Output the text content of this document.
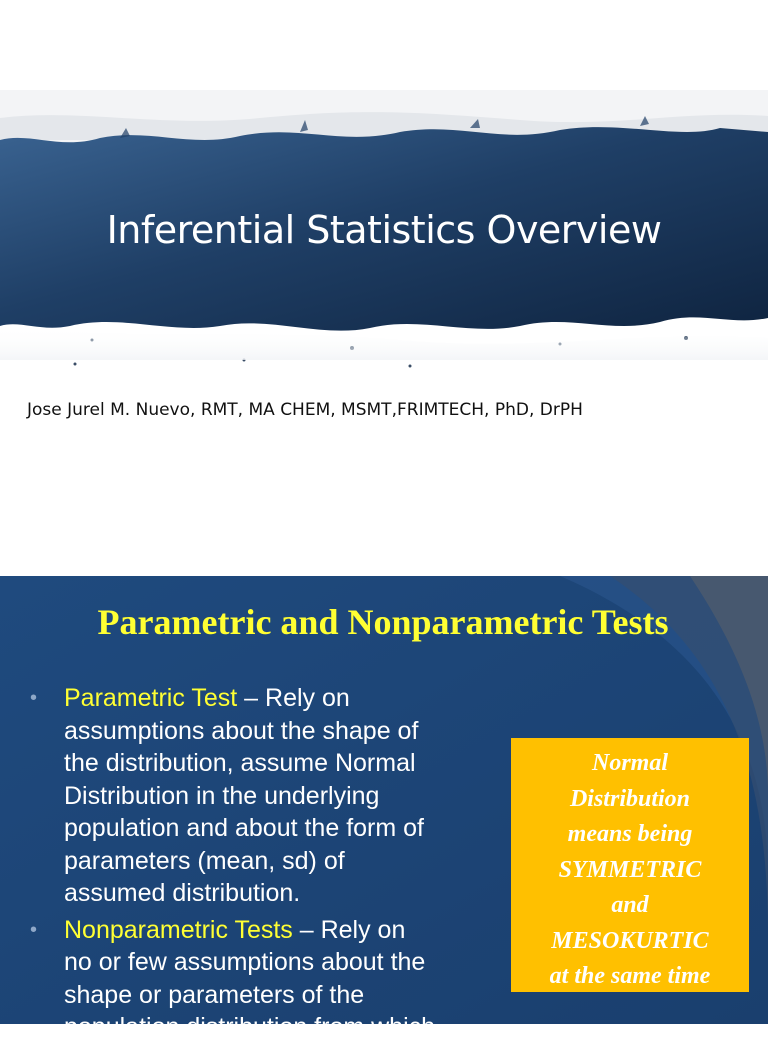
Inferential Statistics Overview
Jose Jurel M. Nuevo, RMT, MA CHEM, MSMT,FRIMTECH, PhD, DrPH
Parametric and Nonparametric Tests
•	Parametric Test – Rely on
assumptions about the shape of
the distribution, assume Normal
Distribution in the underlying
population and about the form of
parameters (mean, sd) of
assumed distribution.
•	Nonparametric Tests – Rely on
no or few assumptions about the
shape or parameters of the
population distribution from which
Normal
Distribution
means being
SYMMETRIC
and
MESOKURTIC
at the same time
